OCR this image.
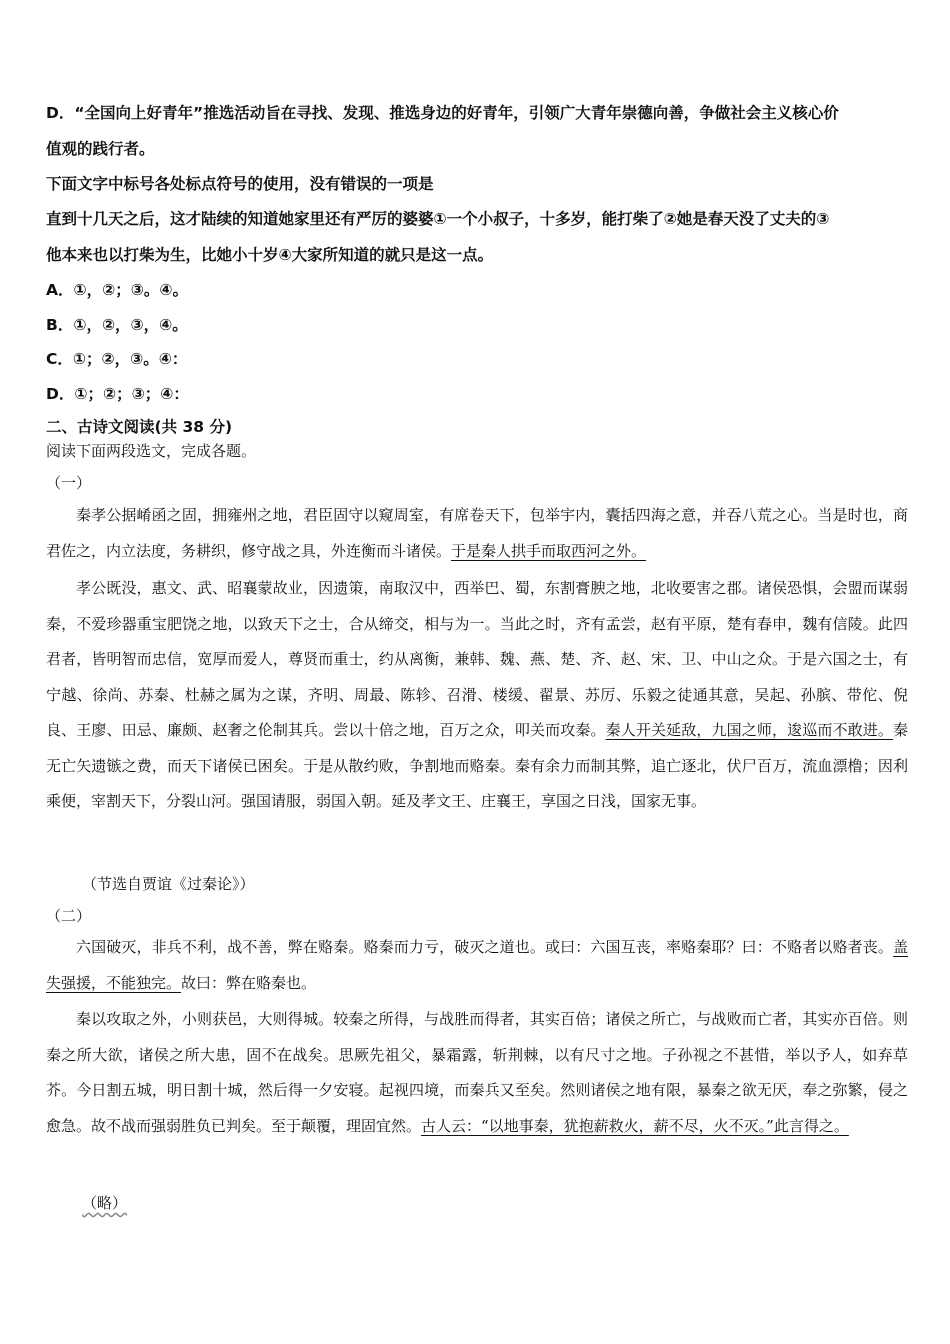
D．“全国向上好青年”推选活动旨在寻找、发现、推选身边的好青年，引领广大青年崇德向善，争做社会主义核心价
值观的践行者。
下面文字中标号各处标点符号的使用，没有错误的一项是
直到十几天之后，这才陆续的知道她家里还有严厉的婆婆①一个小叔子，十多岁，能打柴了②她是春天没了丈夫的③
他本来也以打柴为生，比她小十岁④大家所知道的就只是这一点。
A．①，②；③。④。
B．①，②，③，④。
C．①；②，③。④：
D．①；②；③；④：
二、古诗文阅读(共 38 分)
阅读下面两段选文，完成各题。
（一）
秦孝公据崤函之固，拥雍州之地，君臣固守以窥周室，有席卷天下，包举宇内，囊括四海之意，并吞八荒之心。当是时也，商君佐之，内立法度，务耕织，修守战之具，外连衡而斗诸侯。于是秦人拱手而取西河之外。
孝公既没，惠文、武、昭襄蒙故业，因遗策，南取汉中，西举巴、蜀，东割膏腴之地，北收要害之郡。诸侯恐惧，会盟而谋弱秦，不爱珍器重宝肥饶之地，以致天下之士，合从缔交，相与为一。当此之时，齐有孟尝，赵有平原，楚有春申，魏有信陵。此四君者，皆明智而忠信，宽厚而爱人，尊贤而重士，约从离衡，兼韩、魏、燕、楚、齐、赵、宋、卫、中山之众。于是六国之士，有宁越、徐尚、苏秦、杜赫之属为之谋，齐明、周最、陈轸、召滑、楼缓、翟景、苏厉、乐毅之徒通其意，吴起、孙膑、带佗、倪良、王廖、田忌、廉颇、赵奢之伦制其兵。尝以十倍之地，百万之众，叩关而攻秦。秦人开关延敌，九国之师，逡巡而不敢进。秦无亡矢遗镞之费，而天下诸侯已困矣。于是从散约败，争割地而赂秦。秦有余力而制其弊，追亡逐北，伏尸百万，流血漂橹；因利乘便，宰割天下，分裂山河。强国请服，弱国入朝。延及孝文王、庄襄王，享国之日浅，国家无事。
（节选自贾谊《过秦论》）
（二）
六国破灭，非兵不利，战不善，弊在赂秦。赂秦而力亏，破灭之道也。或曰：六国互丧，率赂秦耶？曰：不赂者以赂者丧。盖失强援，不能独完。故曰：弊在赂秦也。
秦以攻取之外，小则获邑，大则得城。较秦之所得，与战胜而得者，其实百倍；诸侯之所亡，与战败而亡者，其实亦百倍。则秦之所大欲，诸侯之所大患，固不在战矣。思厥先祖父，暴霜露，斩荆棘，以有尺寸之地。子孙视之不甚惜，举以予人，如弃草芥。今日割五城，明日割十城，然后得一夕安寝。起视四境，而秦兵又至矣。然则诸侯之地有限，暴秦之欲无厌，奉之弥繁，侵之愈急。故不战而强弱胜负已判矣。至于颠覆，理固宜然。古人云：“以地事秦，犹抱薪救火，薪不尽，火不灭。”此言得之。
（略）
